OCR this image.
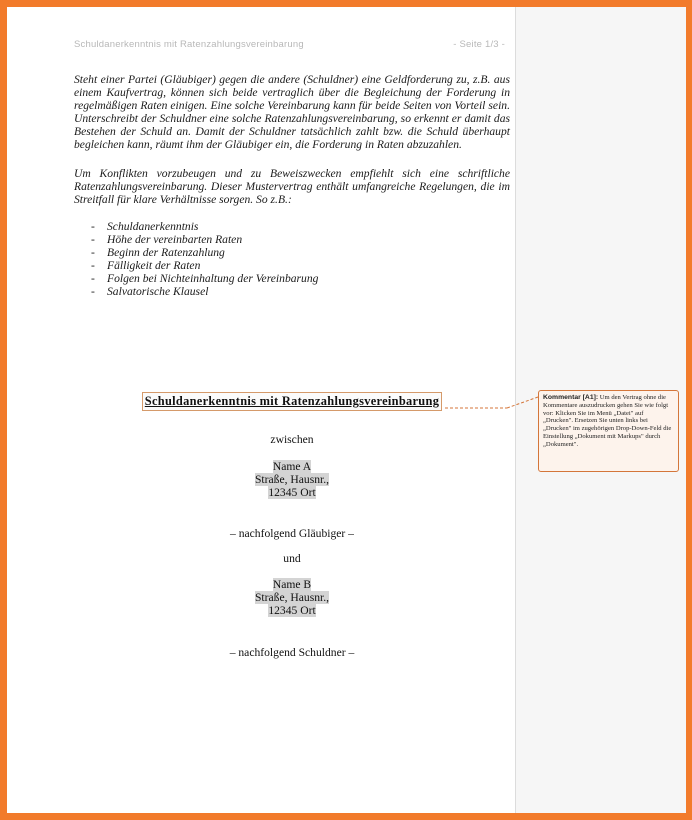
Schuldanerkenntnis mit Ratenzahlungsvereinbarung	- Seite 1/3 -
Steht einer Partei (Gläubiger) gegen die andere (Schuldner) eine Geldforderung zu, z.B. aus einem Kaufvertrag, können sich beide vertraglich über die Begleichung der Forderung in regelmäßigen Raten einigen. Eine solche Vereinbarung kann für beide Seiten von Vorteil sein. Unterschreibt der Schuldner eine solche Ratenzahlungsvereinbarung, so erkennt er damit das Bestehen der Schuld an. Damit der Schuldner tatsächlich zahlt bzw. die Schuld überhaupt begleichen kann, räumt ihm der Gläubiger ein, die Forderung in Raten abzuzahlen.
Um Konflikten vorzubeugen und zu Beweiszwecken empfiehlt sich eine schriftliche Ratenzahlungsvereinbarung. Dieser Mustervertrag enthält umfangreiche Regelungen, die im Streitfall für klare Verhältnisse sorgen. So z.B.:
- Schuldanerkenntnis
- Höhe der vereinbarten Raten
- Beginn der Ratenzahlung
- Fälligkeit der Raten
- Folgen bei Nichteinhaltung der Vereinbarung
- Salvatorische Klausel
Schuldanerkenntnis mit Ratenzahlungsvereinbarung
zwischen
Name A
Straße, Hausnr.,
12345 Ort
– nachfolgend Gläubiger –
und
Name B
Straße, Hausnr.,
12345 Ort
– nachfolgend Schuldner –
Kommentar [A1]: Um den Vertrag ohne die Kommentare auszudrucken gehen Sie wie folgt vor: Klicken Sie im Menü „Datei" auf „Drucken". Ersetzen Sie unten links bei „Drucken" im zugehörigen Drop-Down-Feld die Einstellung „Dokument mit Markups" durch „Dokument".
